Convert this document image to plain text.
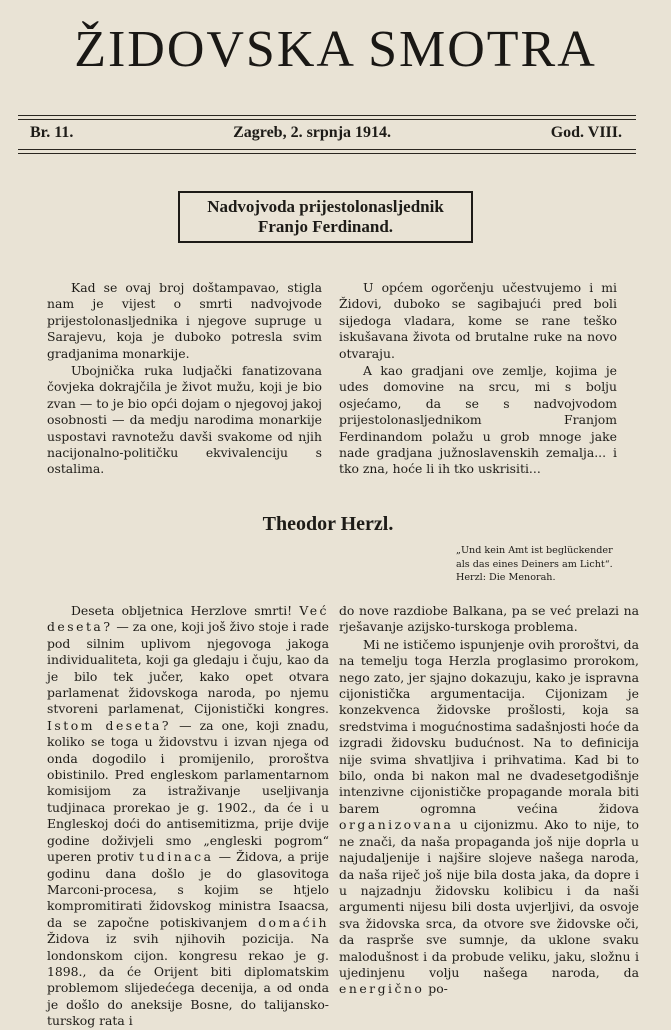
ŽIDOVSKA SMOTRA
Br. 11.	Zagreb, 2. srpnja 1914.	God. VIII.
Nadvojvoda prijestolonasljednik
Franjo Ferdinand.

Kad se ovaj broj doštampavao, stigla nam je vijest o smrti nadvojvode prijestolonasljednika i njegove supruge u Sarajevu, koja je duboko potresla svim gradjanima monarkije.

Ubojnička ruka ludjački fanatizovana čovjeka dokrajčila je život mužu, koji je bio zvan — to je bio opći dojam o njegovoj jakoj osobnosti — da medju narodima monarkije uspostavi ravnotežu davši svakome od njih nacijonalno-političku ekvivalenciju s ostalima.

U općem ogorčenju učestvujemo i mi Židovi, duboko se sagibajući pred boli sijedoga vladara, kome se rane teško iskušavana života od brutalne ruke na novo otvaraju.

A kao gradjani ove zemlje, kojima je udes domovine na srcu, mi s bolju osjećamo, da se s nadvojvodom prijestolonasljednikom Franjom Ferdinandom polažu u grob mnoge jake nade gradjana južnoslavenskih zemalja... i tko zna, hoće li ih tko uskrisiti...

Theodor Herzl.
„Und kein Amt ist beglückender
als das eines Deiners am Licht“.
Herzl: Die Menorah.

Deseta obljetnica Herzlove smrti! Već deseta? — za one, koji još živo stoje i rade pod silnim uplivom njegovoga jakoga individualiteta, koji ga gledaju i čuju, kao da je bilo tek jučer, kako opet otvara parlamenat židovskoga naroda, po njemu stvoreni parlamenat, Cijonistički kongres. Istom deseta? — za one, koji znadu, koliko se toga u židovstvu i izvan njega od onda dogodilo i promijenilo, proroštva obistinilo. Pred engleskom parlamentarnom komisijom za istraživanje useljivanja tudjinaca prorekao je g. 1902., da će i u Engleskoj doći do antisemitizma, prije dvije godine doživjeli smo „engleski pogrom“ uperen protiv tudinaca — Židova, a prije godinu dana došlo je do glasovitoga Marconi-procesa, s kojim se htjelo kompromitirati židovskog ministra Isaacsa, da se započne potiskivanjem domaćih Židova iz svih njihovih pozicija. Na londonskom cijon. kongresu rekao je g. 1898., da će Orijent biti diplomatskim problemom slijedećega decenija, a od onda je došlo do aneksije Bosne, do talijansko-turskog rata i

do nove razdiobe Balkana, pa se već prelazi na rješavanje azijsko-turskoga problema.

Mi ne ističemo ispunjenje ovih proroštvi, da na temelju toga Herzla proglasimo prorokom, nego zato, jer sjajno dokazuju, kako je ispravna cijonistička argumentacija. Cijonizam je konzekvenca židovske prošlosti, koja sa sredstvima i mogućnostima sadašnjosti hoće da izgradi židovsku budućnost. Na to definicija nije svima shvatljiva i prihvatima. Kad bi to bilo, onda bi nakon mal ne dvadesetgodišnje intenzivne cijonističke propagande morala biti barem ogromna većina židova organizovana u cijonizmu. Ako to nije, to ne znači, da naša propaganda još nije doprla u najudaljenije i najšire slojeve našega naroda, da naša riječ još nije bila dosta jaka, da dopre i u najzadnju židovsku kolibicu i da naši argumenti nijesu bili dosta uvjerljivi, da osvoje sva židovska srca, da otvore sve židovske oči, da raspršе sve sumnje, da uklone svaku malodušnost i da probude veliku, jaku, složnu i ujedinjenu volju našega naroda, da energično po-
